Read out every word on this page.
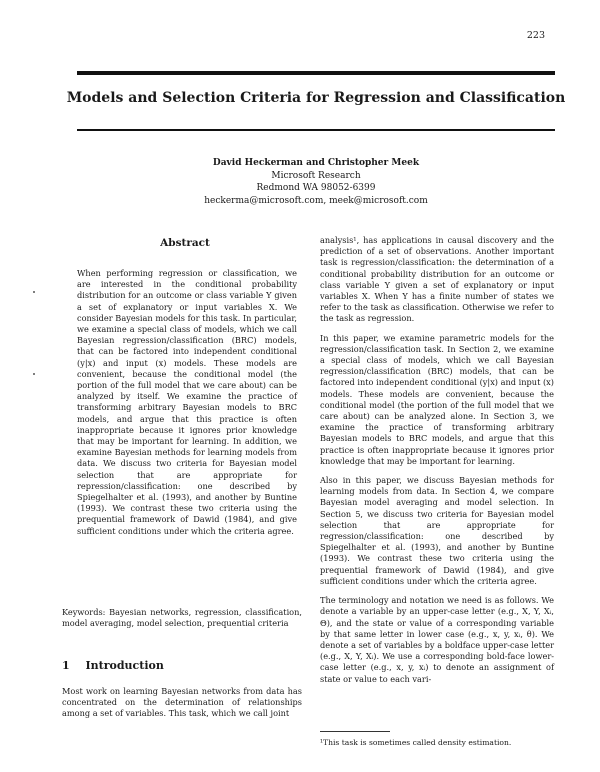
223
Models and Selection Criteria for Regression and Classification
David Heckerman and Christopher Meek
Microsoft Research
Redmond WA 98052-6399
heckerma@microsoft.com, meek@microsoft.com
Abstract
When performing regression or classification, we are interested in the conditional probability distribution for an outcome or class variable Y given a set of explanatory or input variables X. We consider Bayesian models for this task. In particular, we examine a special class of models, which we call Bayesian regression/classification (BRC) models, that can be factored into independent conditional (y|x) and input (x) models. These models are convenient, because the conditional model (the portion of the full model that we care about) can be analyzed by itself. We examine the practice of transforming arbitrary Bayesian models to BRC models, and argue that this practice is often inappropriate because it ignores prior knowledge that may be important for learning. In addition, we examine Bayesian methods for learning models from data. We discuss two criteria for Bayesian model selection that are appropriate for repression/classification: one described by Spiegelhalter et al. (1993), and another by Buntine (1993). We contrast these two criteria using the prequential framework of Dawid (1984), and give sufficient conditions under which the criteria agree.
Keywords: Bayesian networks, regression, classification, model averaging, model selection, prequential criteria
1 Introduction
Most work on learning Bayesian networks from data has concentrated on the determination of relationships among a set of variables. This task, which we call joint

analysis¹, has applications in causal discovery and the prediction of a set of observations. Another important task is regression/classification: the determination of a conditional probability distribution for an outcome or class variable Y given a set of explanatory or input variables X. When Y has a finite number of states we refer to the task as classification. Otherwise we refer to the task as regression.

In this paper, we examine parametric models for the regression/classification task. In Section 2, we examine a special class of models, which we call Bayesian regression/classification (BRC) models, that can be factored into independent conditional (y|x) and input (x) models. These models are convenient, because the conditional model (the portion of the full model that we care about) can be analyzed alone. In Section 3, we examine the practice of transforming arbitrary Bayesian models to BRC models, and argue that this practice is often inappropriate because it ignores prior knowledge that may be important for learning.

Also in this paper, we discuss Bayesian methods for learning models from data. In Section 4, we compare Bayesian model averaging and model selection. In Section 5, we discuss two criteria for Bayesian model selection that are appropriate for regression/classification: one described by Spiegelhalter et al. (1993), and another by Buntine (1993). We contrast these two criteria using the prequential framework of Dawid (1984), and give sufficient conditions under which the criteria agree.

The terminology and notation we need is as follows. We denote a variable by an upper-case letter (e.g., X, Y, Xᵢ, Θ), and the state or value of a corresponding variable by that same letter in lower case (e.g., x, y, xᵢ, θ). We denote a set of variables by a boldface upper-case letter (e.g., X, Y, Xᵢ). We use a corresponding bold-face lower-case letter (e.g., x, y, xᵢ) to denote an assignment of state or value to each vari-

¹This task is sometimes called density estimation.
